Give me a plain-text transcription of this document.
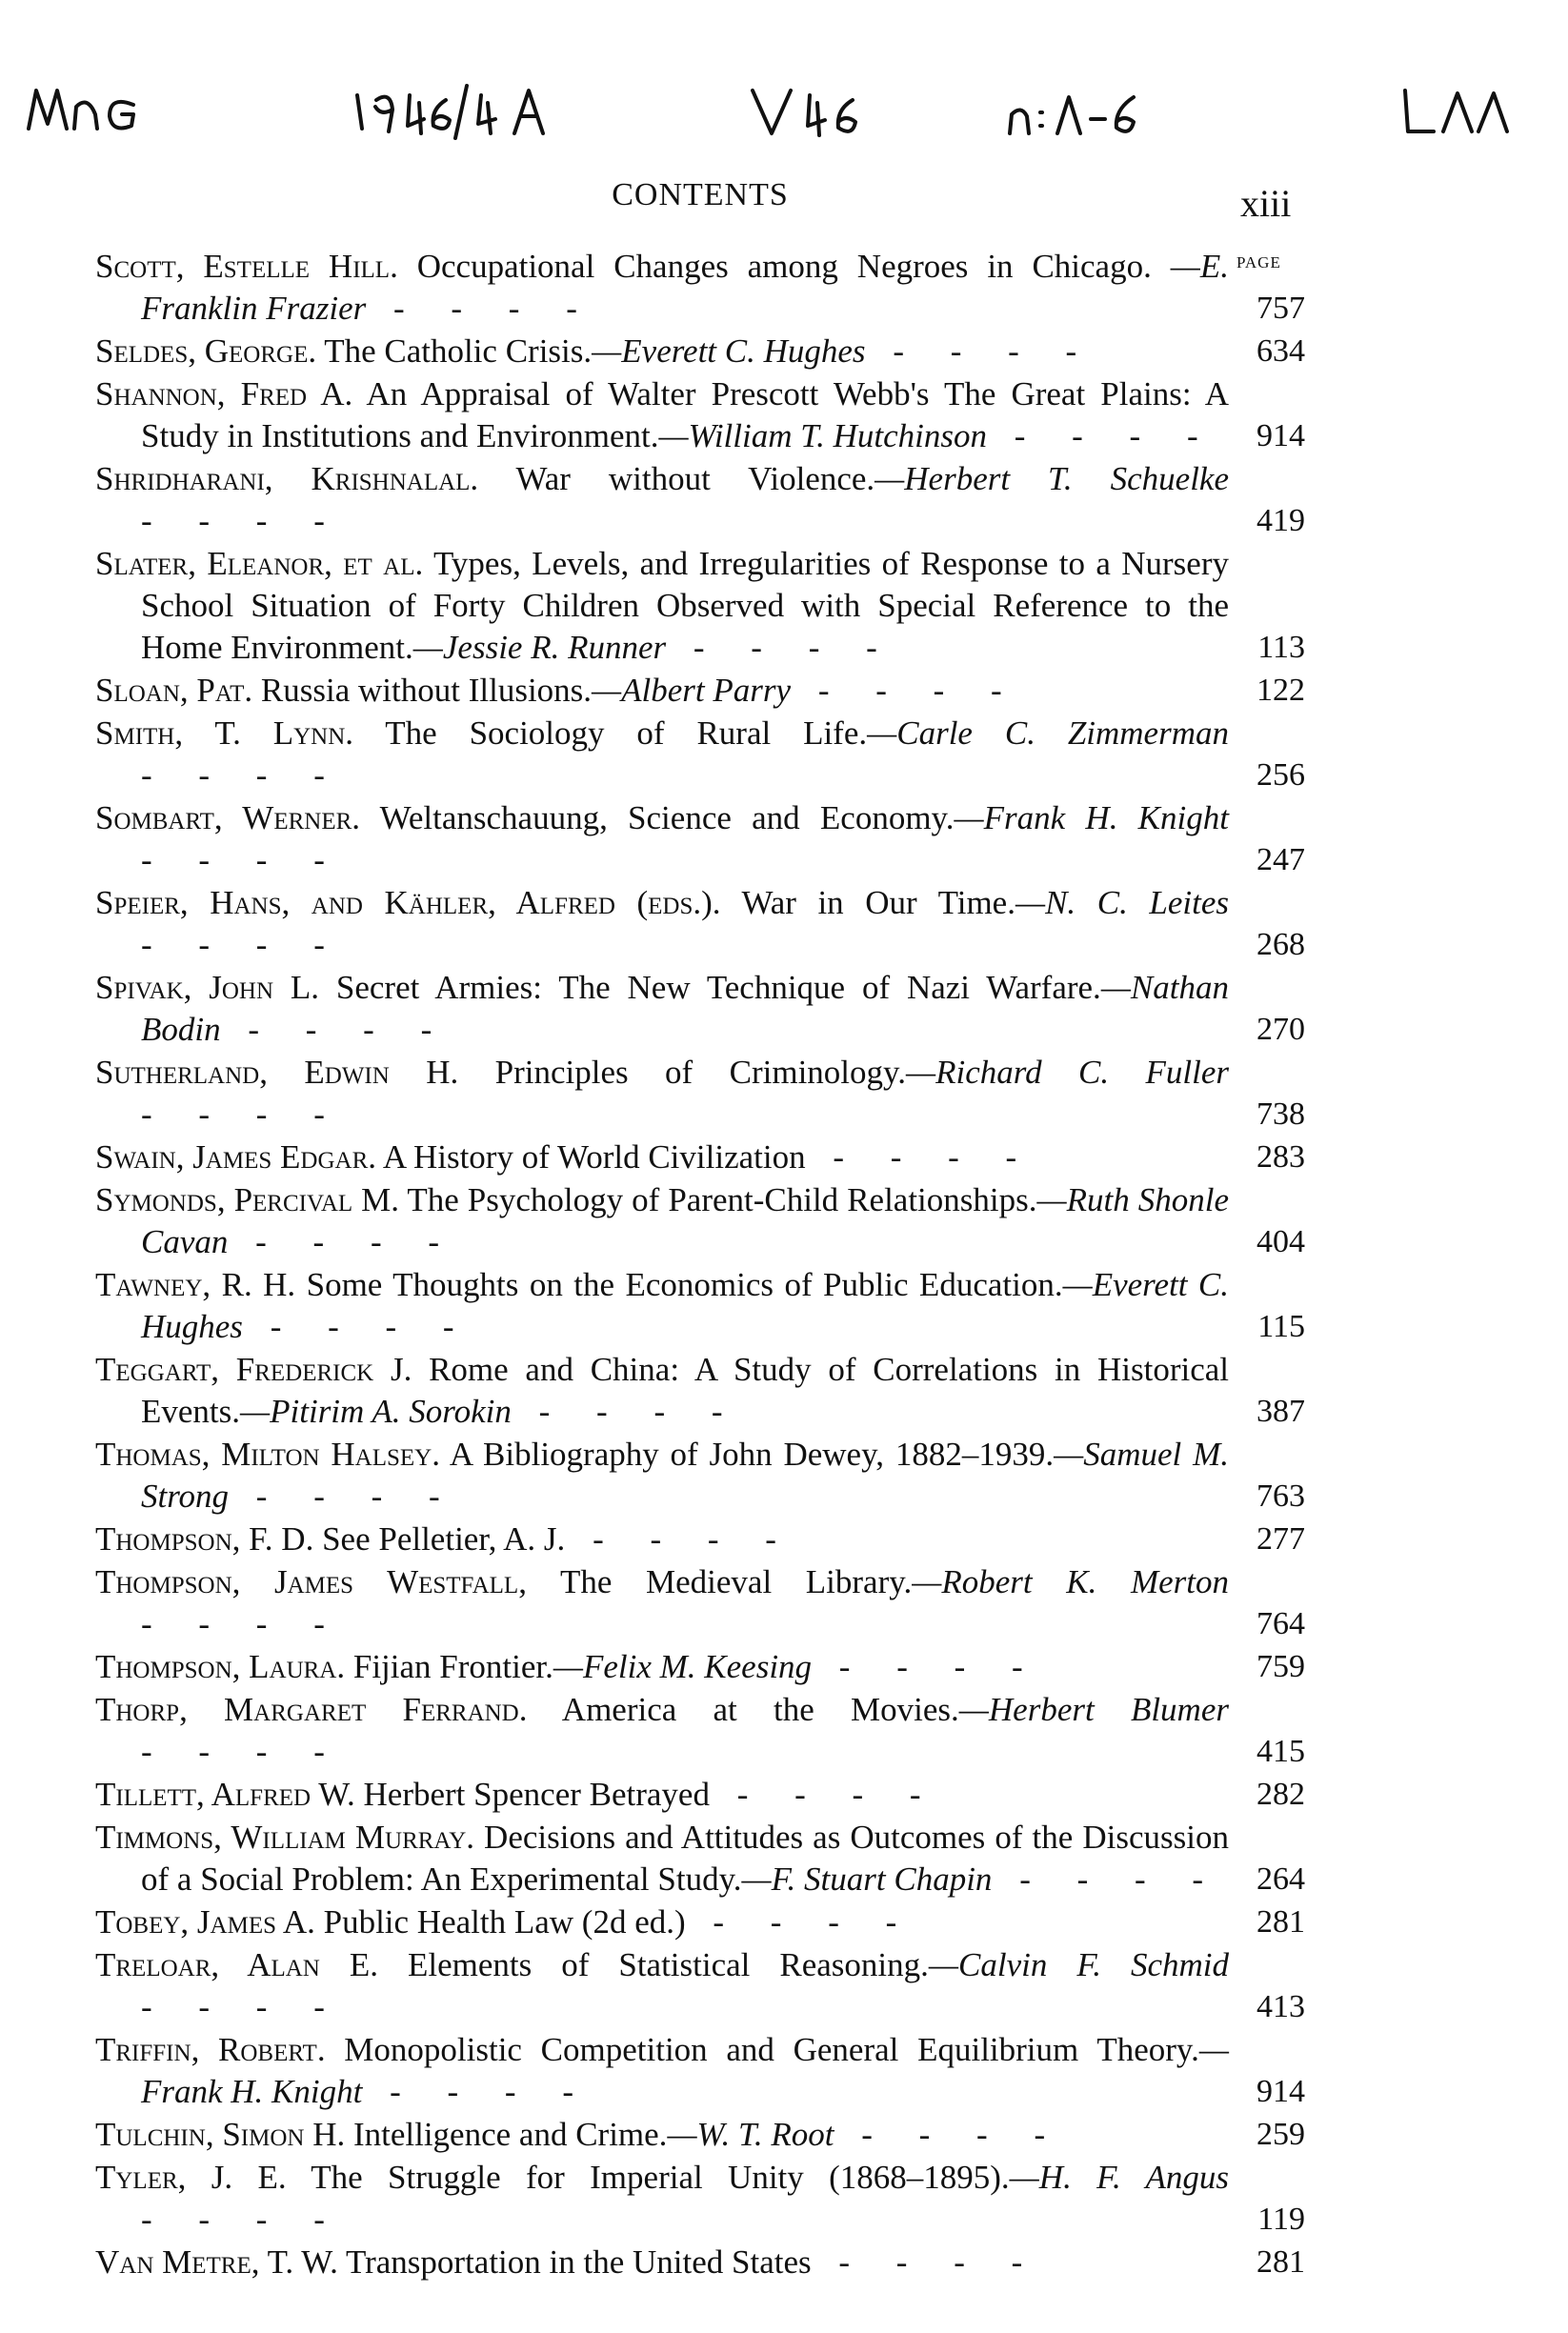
CONTENTS	xiii
PAGE
Scott, Estelle Hill. Occupational Changes among Negroes in Chicago. —E. Franklin Frazier - - - -	757
Seldes, George. The Catholic Crisis.—Everett C. Hughes - - - -	634
Shannon, Fred A. An Appraisal of Walter Prescott Webb's The Great Plains: A Study in Institutions and Environment.—William T. Hutchinson - - - -	914
Shridharani, Krishnalal. War without Violence.—Herbert T. Schuelke - - - -	419
Slater, Eleanor, et al. Types, Levels, and Irregularities of Response to a Nursery School Situation of Forty Children Observed with Special Reference to the Home Environment.—Jessie R. Runner - - - -	113
Sloan, Pat. Russia without Illusions.—Albert Parry - - - -	122
Smith, T. Lynn. The Sociology of Rural Life.—Carle C. Zimmerman - - - -	256
Sombart, Werner. Weltanschauung, Science and Economy.—Frank H. Knight - - - -	247
Speier, Hans, and Kähler, Alfred (eds.). War in Our Time.—N. C. Leites - - - -	268
Spivak, John L. Secret Armies: The New Technique of Nazi Warfare.—Nathan Bodin - - - -	270
Sutherland, Edwin H. Principles of Criminology.—Richard C. Fuller - - - -	738
Swain, James Edgar. A History of World Civilization - - - -	283
Symonds, Percival M. The Psychology of Parent-Child Relationships.—Ruth Shonle Cavan - - - -	404
Tawney, R. H. Some Thoughts on the Economics of Public Education.—Everett C. Hughes - - - -	115
Teggart, Frederick J. Rome and China: A Study of Correlations in Historical Events.—Pitirim A. Sorokin - - - -	387
Thomas, Milton Halsey. A Bibliography of John Dewey, 1882–1939.—Samuel M. Strong - - - -	763
Thompson, F. D. See Pelletier, A. J. - - - -	277
Thompson, James Westfall, The Medieval Library.—Robert K. Merton - - - -	764
Thompson, Laura. Fijian Frontier.—Felix M. Keesing - - - -	759
Thorp, Margaret Ferrand. America at the Movies.—Herbert Blumer - - - -	415
Tillett, Alfred W. Herbert Spencer Betrayed - - - -	282
Timmons, William Murray. Decisions and Attitudes as Outcomes of the Discussion of a Social Problem: An Experimental Study.—F. Stuart Chapin - - - -	264
Tobey, James A. Public Health Law (2d ed.) - - - -	281
Treloar, Alan E. Elements of Statistical Reasoning.—Calvin F. Schmid - - - -	413
Triffin, Robert. Monopolistic Competition and General Equilibrium Theory.—Frank H. Knight - - - -	914
Tulchin, Simon H. Intelligence and Crime.—W. T. Root - - - -	259
Tyler, J. E. The Struggle for Imperial Unity (1868–1895).—H. F. Angus - - - -	119
Van Metre, T. W. Transportation in the United States - - - -	281
